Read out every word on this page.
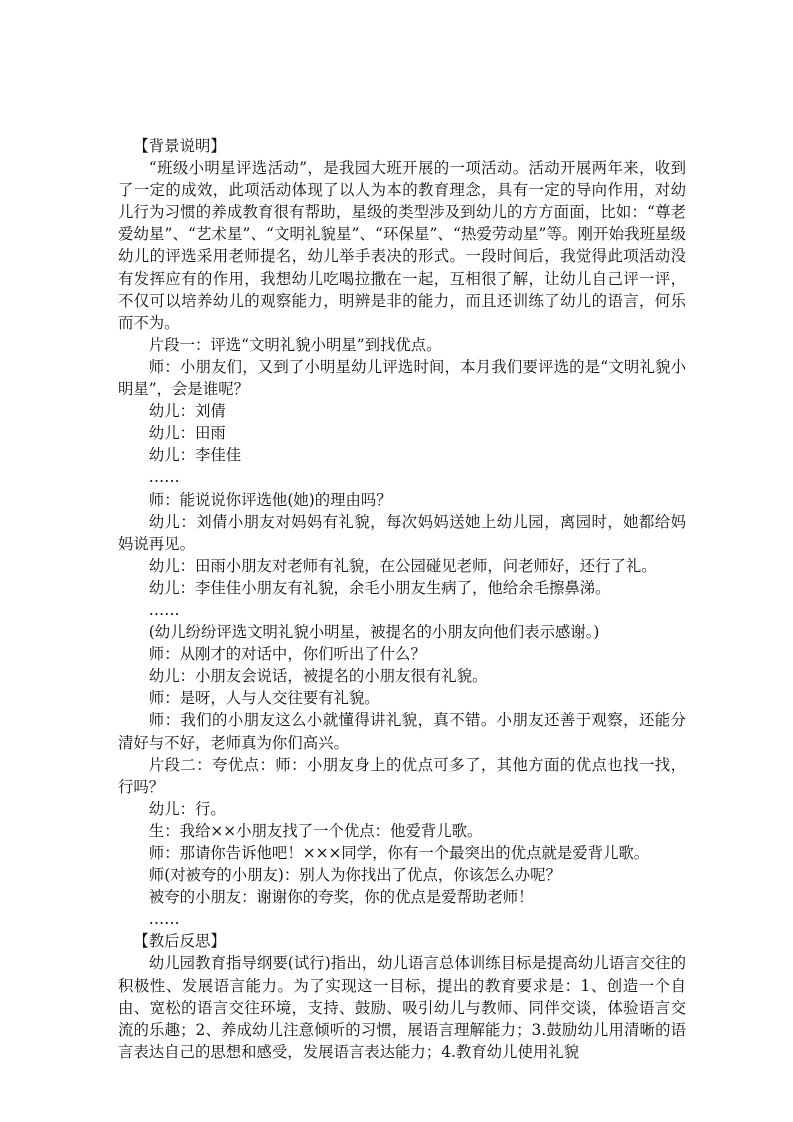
【背景说明】

“班级小明星评选活动”，是我园大班开展的一项活动。活动开展两年来，收到了一定的成效，此项活动体现了以人为本的教育理念，具有一定的导向作用，对幼儿行为习惯的养成教育很有帮助，星级的类型涉及到幼儿的方方面面，比如：“尊老爱幼星”、“艺术星”、“文明礼貌星”、“环保星”、“热爱劳动星”等。刚开始我班星级幼儿的评选采用老师提名，幼儿举手表决的形式。一段时间后，我觉得此项活动没有发挥应有的作用，我想幼儿吃喝拉撒在一起，互相很了解，让幼儿自己评一评，不仅可以培养幼儿的观察能力，明辨是非的能力，而且还训练了幼儿的语言，何乐而不为。

片段一：评选“文明礼貌小明星”到找优点。

师：小朋友们，又到了小明星幼儿评选时间，本月我们要评选的是“文明礼貌小明星”，会是谁呢？

幼儿：刘倩

幼儿：田雨

幼儿：李佳佳

……

师：能说说你评选他(她)的理由吗？

幼儿：刘倩小朋友对妈妈有礼貌，每次妈妈送她上幼儿园，离园时，她都给妈妈说再见。

幼儿：田雨小朋友对老师有礼貌，在公园碰见老师，问老师好，还行了礼。

幼儿：李佳佳小朋友有礼貌，余毛小朋友生病了，他给余毛擦鼻涕。

……

(幼儿纷纷评选文明礼貌小明星，被提名的小朋友向他们表示感谢。)

师：从刚才的对话中，你们听出了什么？

幼儿：小朋友会说话，被提名的小朋友很有礼貌。

师：是呀，人与人交往要有礼貌。

师：我们的小朋友这么小就懂得讲礼貌，真不错。小朋友还善于观察，还能分清好与不好，老师真为你们高兴。

片段二：夸优点：师：小朋友身上的优点可多了，其他方面的优点也找一找，行吗？

幼儿：行。

生：我给××小朋友找了一个优点：他爱背儿歌。

师：那请你告诉他吧！×××同学，你有一个最突出的优点就是爱背儿歌。

师(对被夸的小朋友)：别人为你找出了优点，你该怎么办呢？

被夸的小朋友：谢谢你的夸奖，你的优点是爱帮助老师！

……

【教后反思】

幼儿园教育指导纲要(试行)指出，幼儿语言总体训练目标是提高幼儿语言交往的积极性、发展语言能力。为了实现这一目标，提出的教育要求是：1、创造一个自由、宽松的语言交往环境，支持、鼓励、吸引幼儿与教师、同伴交谈，体验语言交流的乐趣；2、养成幼儿注意倾听的习惯，展语言理解能力；3.鼓励幼儿用清晰的语言表达自己的思想和感受，发展语言表达能力；4.教育幼儿使用礼貌
